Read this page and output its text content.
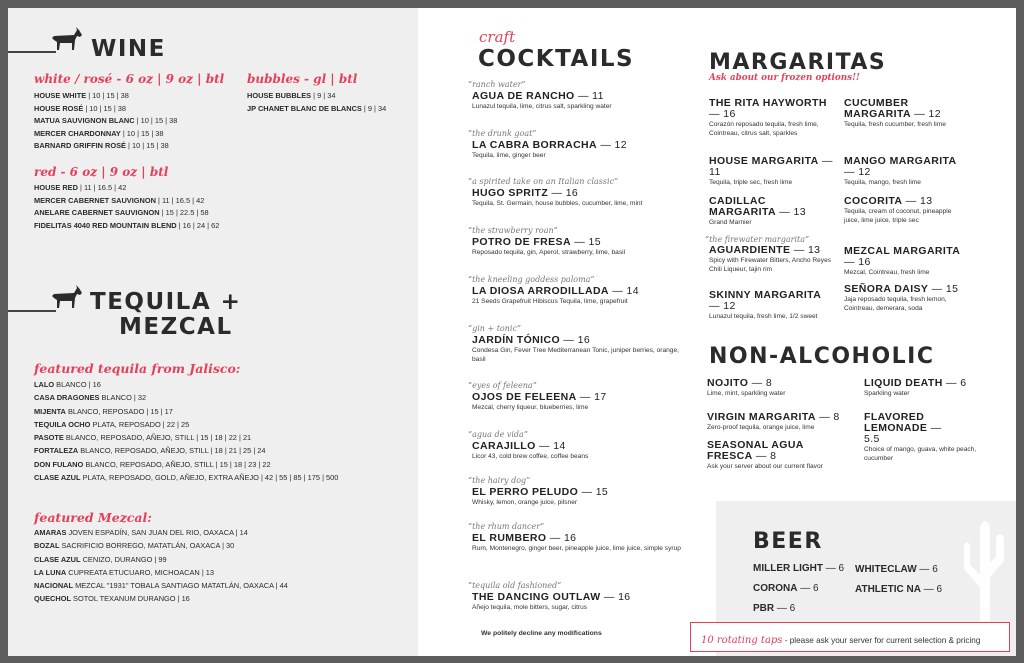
WINE
white / rosé - 6 oz | 9 oz | btl
HOUSE WHITE | 10 | 15 | 38
HOUSE ROSÉ | 10 | 15 | 38
MATUA SAUVIGNON BLANC | 10 | 15 | 38
MERCER CHARDONNAY | 10 | 15 | 38
BARNARD GRIFFIN ROSÉ | 10 | 15 | 38
bubbles - gl | btl
HOUSE BUBBLES | 9 | 34
JP CHANET BLANC DE BLANCS | 9 | 34
red - 6 oz | 9 oz | btl
HOUSE RED | 11 | 16.5 | 42
MERCER CABERNET SAUVIGNON | 11 | 16.5 | 42
ANELARE CABERNET SAUVIGNON | 15 | 22.5 | 58
FIDELITAS 4040 RED MOUNTAIN BLEND | 16 | 24 | 62
TEQUILA +
MEZCAL
featured tequila from Jalisco:
LALO BLANCO | 16
CASA DRAGONES BLANCO | 32
MIJENTA BLANCO, REPOSADO | 15 | 17
TEQUILA OCHO PLATA, REPOSADO | 22 | 25
PASOTE BLANCO, REPOSADO, AÑEJO, STILL | 15 | 18 | 22 | 21
FORTALEZA BLANCO, REPOSADO, AÑEJO, STILL | 18 | 21 | 25 | 24
DON FULANO BLANCO, REPOSADO, AÑEJO, STILL | 15 | 18 | 23 | 22
CLASE AZUL PLATA, REPOSADO, GOLD, AÑEJO, EXTRA AÑEJO | 42 | 55 | 85 | 175 | 500
featured Mezcal:
AMARAS JOVEN ESPADÍN, SAN JUAN DEL RIO, OAXACA | 14
BOZAL SACRIFICIO BORREGO, MATATLÁN, OAXACA | 30
CLASE AZUL CENIZO, DURANGO | 99
LA LUNA CUPREATA ETUCUARO, MICHOACAN | 13
NACIONAL MEZCAL "1931" TOBALA SANTIAGO MATATLÁN, OAXACA | 44
QUECHOL SOTOL TEXANUM DURANGO | 16
craft
COCKTAILS
“ranch water”
AGUA DE RANCHO — 11
Lunazul tequila, lime, citrus salt, sparkling water
“the drunk goat”
LA CABRA BORRACHA — 12
Tequila, lime, ginger beer
“a spirited take on an Italian classic”
HUGO SPRITZ — 16
Tequila, St. Germain, house bubbles, cucumber, lime, mint
“the strawberry roan”
POTRO DE FRESA — 15
Reposado tequila, gin, Aperol, strawberry, lime, basil
“the kneeling goddess paloma”
LA DIOSA ARRODILLADA — 14
21 Seeds Grapefruit Hibiscus Tequila, lime, grapefruit
“gin + tonic”
JARDÍN TÓNICO — 16
Condesa Gin, Fever Tree Mediterranean Tonic, juniper berries, orange, basil
“eyes of feleena”
OJOS DE FELEENA — 17
Mezcal, cherry liqueur, blueberries, lime
“agua de vida”
CARAJILLO — 14
Licor 43, cold brew coffee, coffee beans
“the hairy dog”
EL PERRO PELUDO — 15
Whisky, lemon, orange juice, pilsner
“the rhum dancer”
EL RUMBERO — 16
Rum, Montenegro, ginger beer, pineapple juice, lime juice, simple syrup
“tequila old fashioned”
THE DANCING OUTLAW — 16
Añejo tequila, mole bitters, sugar, citrus
We politely decline any modifications
MARGARITAS
Ask about our frozen options!!
THE RITA HAYWORTH — 16
Corazón reposado tequila, fresh lime, Cointreau, citrus salt, sparkles
HOUSE MARGARITA — 11
Tequila, triple sec, fresh lime
CADILLAC MARGARITA — 13
Grand Marnier
“the firewater margarita”
AGUARDIENTE — 13
Spicy with Firewater Bitters, Ancho Reyes Chili Liqueur, tajin rim
SKINNY MARGARITA — 12
Lunazul tequila, fresh lime, 1/2 sweet
CUCUMBER MARGARITA — 12
Tequila, fresh cucumber, fresh lime
MANGO MARGARITA — 12
Tequila, mango, fresh lime
COCORITA — 13
Tequila, cream of coconut, pineapple juice, lime juice, triple sec
MEZCAL MARGARITA — 16
Mezcal, Cointreau, fresh lime
SEÑORA DAISY — 15
Jaja reposado tequila, fresh lemon, Cointreau, demerara, soda
NON-ALCOHOLIC
NOJITO — 8
Lime, mint, sparkling water
VIRGIN MARGARITA — 8
Zero-proof tequila, orange juice, lime
SEASONAL AGUA FRESCA — 8
Ask your server about our current flavor
LIQUID DEATH — 6
Sparkling water
FLAVORED LEMONADE — 5.5
Choice of mango, guava, white peach, cucumber
BEER
MILLER LIGHT — 6
CORONA — 6
PBR — 6
WHITECLAW — 6
ATHLETIC NA — 6
10 rotating taps - please ask your server for current selection & pricing
